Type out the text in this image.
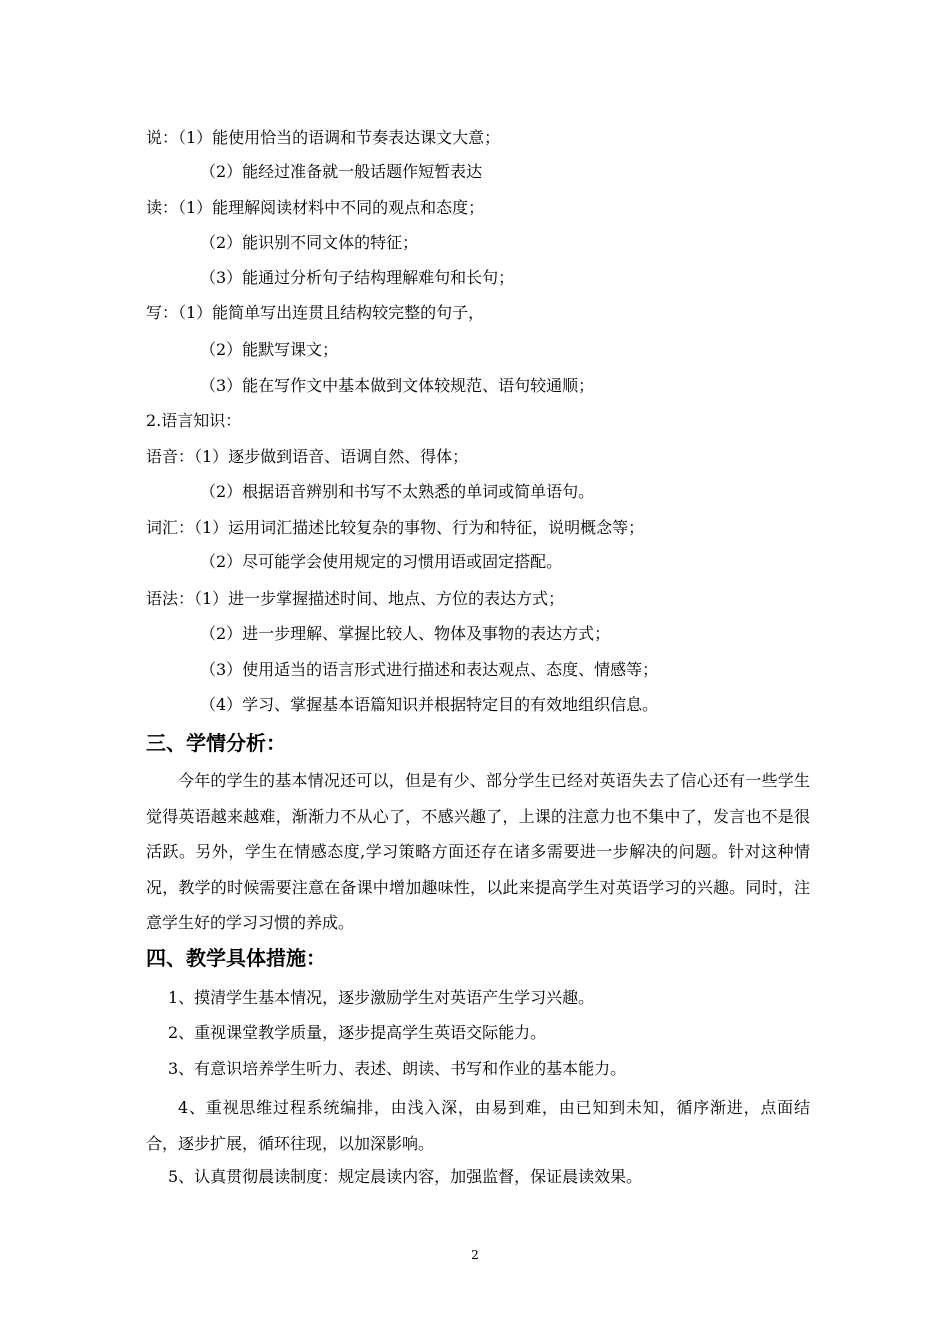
说：（1）能使用恰当的语调和节奏表达课文大意；
（2）能经过准备就一般话题作短暂表达
读：（1）能理解阅读材料中不同的观点和态度；
（2）能识别不同文体的特征；
（3）能通过分析句子结构理解难句和长句；
写：（1）能简单写出连贯且结构较完整的句子，
（2）能默写课文；
（3）能在写作文中基本做到文体较规范、语句较通顺；
2.语言知识：
语音：（1）逐步做到语音、语调自然、得体；
（2）根据语音辨别和书写不太熟悉的单词或简单语句。
词汇：（1）运用词汇描述比较复杂的事物、行为和特征，说明概念等；
（2）尽可能学会使用规定的习惯用语或固定搭配。
语法：（1）进一步掌握描述时间、地点、方位的表达方式；
（2）进一步理解、掌握比较人、物体及事物的表达方式；
（3）使用适当的语言形式进行描述和表达观点、态度、情感等；
（4）学习、掌握基本语篇知识并根据特定目的有效地组织信息。
三、学情分析：
今年的学生的基本情况还可以，但是有少、部分学生已经对英语失去了信心还有一些学生觉得英语越来越难，渐渐力不从心了，不感兴趣了，上课的注意力也不集中了，发言也不是很活跃。另外，学生在情感态度,学习策略方面还存在诸多需要进一步解决的问题。针对这种情况，教学的时候需要注意在备课中增加趣味性，以此来提高学生对英语学习的兴趣。同时，注意学生好的学习习惯的养成。
四、教学具体措施：
1、摸清学生基本情况，逐步激励学生对英语产生学习兴趣。
2、重视课堂教学质量，逐步提高学生英语交际能力。
3、有意识培养学生听力、表述、朗读、书写和作业的基本能力。
4、重视思维过程系统编排，由浅入深，由易到难，由已知到未知，循序渐进，点面结合，逐步扩展，循环往现，以加深影响。
5、认真贯彻晨读制度：规定晨读内容，加强监督，保证晨读效果。
2
